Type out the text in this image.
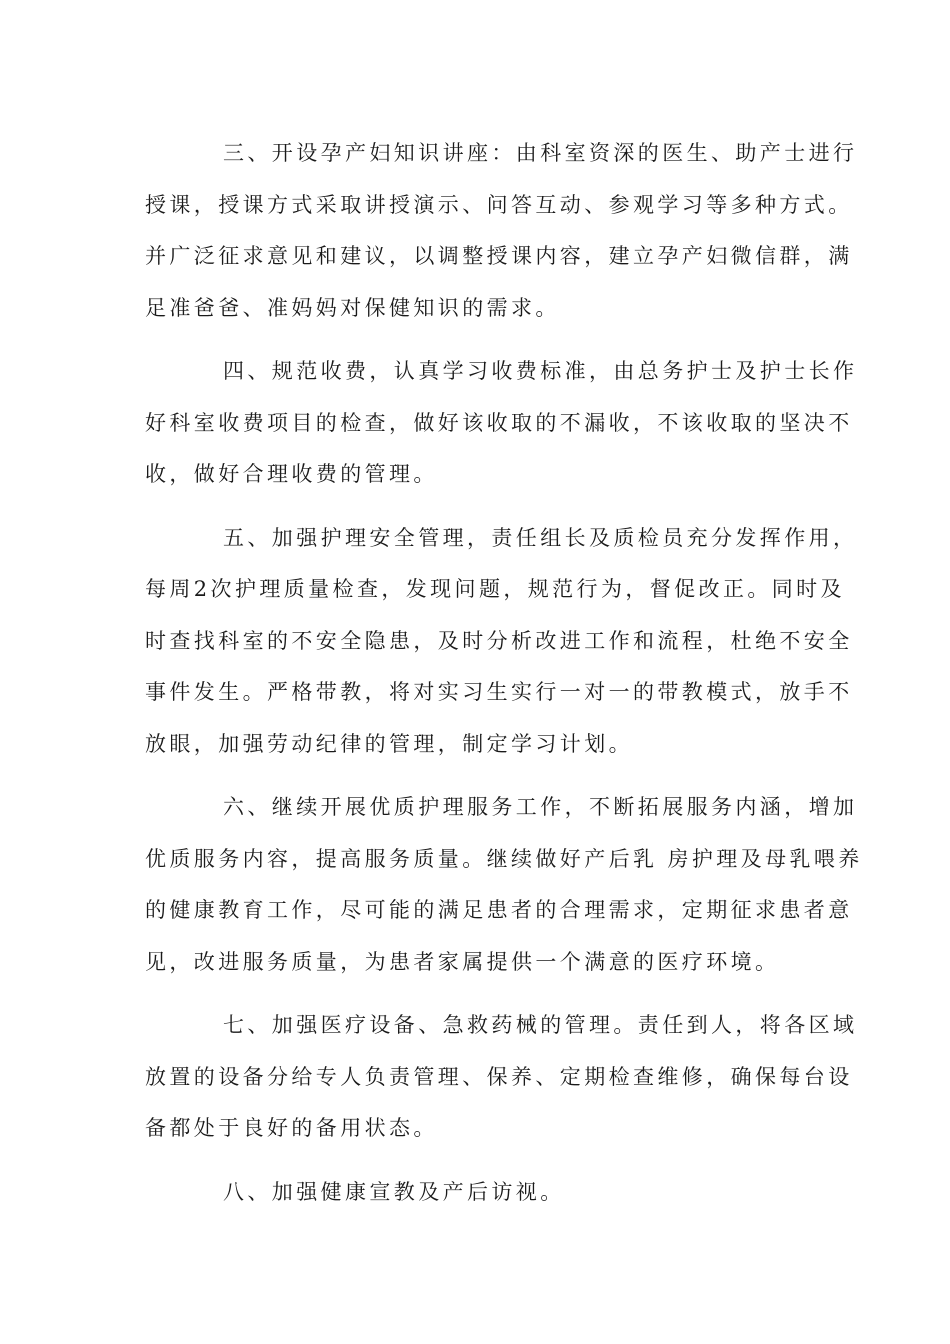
三、开设孕产妇知识讲座：由科室资深的医生、助产士进行
授课，授课方式采取讲授演示、问答互动、参观学习等多种方式。
并广泛征求意见和建议，以调整授课内容，建立孕产妇微信群，满
足准爸爸、准妈妈对保健知识的需求。

四、规范收费，认真学习收费标准，由总务护士及护士长作
好科室收费项目的检查，做好该收取的不漏收，不该收取的坚决不
收，做好合理收费的管理。

五、加强护理安全管理，责任组长及质检员充分发挥作用，
每周2次护理质量检查，发现问题，规范行为，督促改正。同时及
时查找科室的不安全隐患，及时分析改进工作和流程，杜绝不安全
事件发生。严格带教，将对实习生实行一对一的带教模式，放手不
放眼，加强劳动纪律的管理，制定学习计划。

六、继续开展优质护理服务工作，不断拓展服务内涵，增加
优质服务内容，提高服务质量。继续做好产后乳 房护理及母乳喂养
的健康教育工作，尽可能的满足患者的合理需求，定期征求患者意
见，改进服务质量，为患者家属提供一个满意的医疗环境。

七、加强医疗设备、急救药械的管理。责任到人，将各区域
放置的设备分给专人负责管理、保养、定期检查维修，确保每台设
备都处于良好的备用状态。

八、加强健康宣教及产后访视。
